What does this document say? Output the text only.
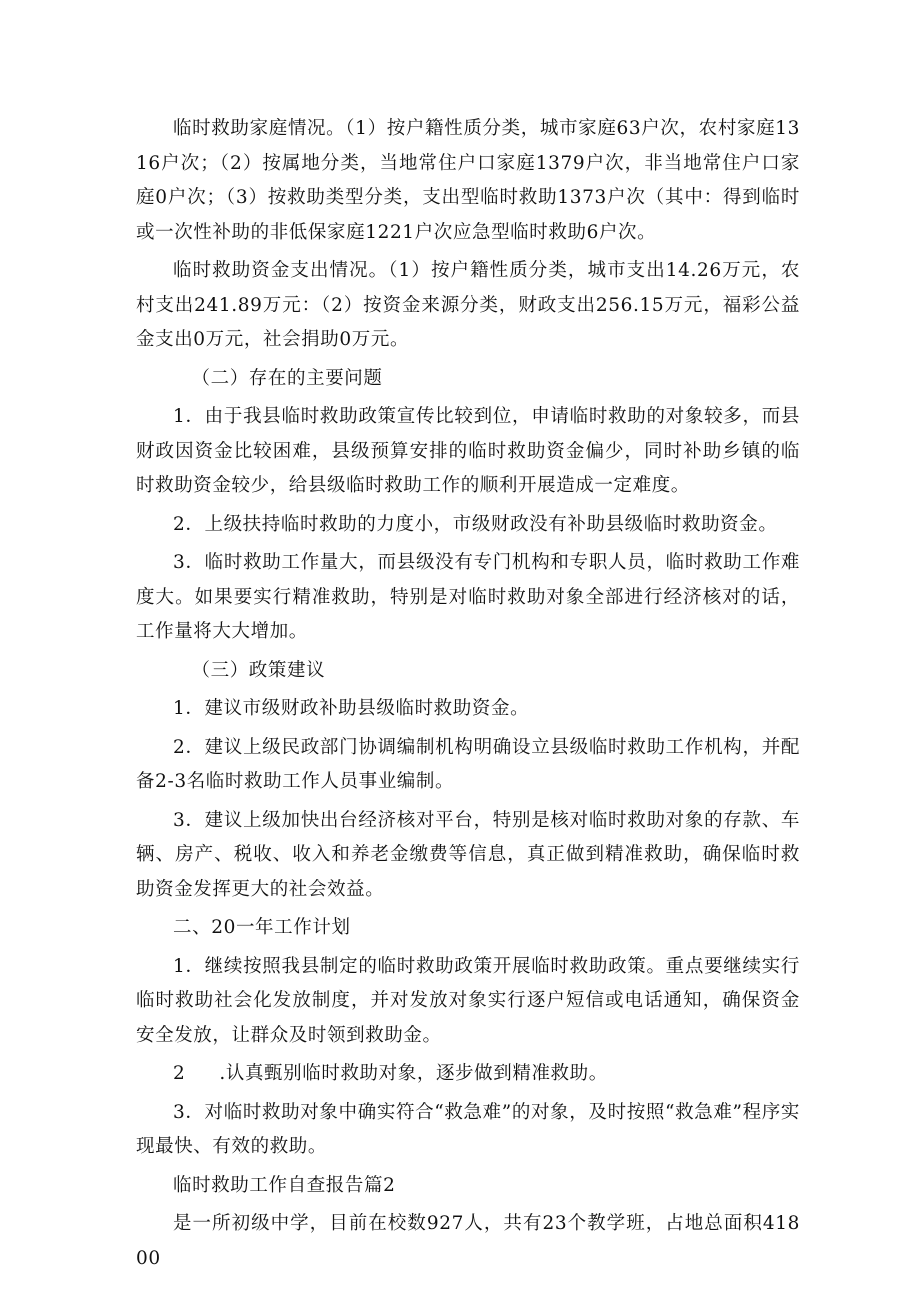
临时救助家庭情况。（1）按户籍性质分类，城市家庭63户次，农村家庭1316户次；（2）按属地分类，当地常住户口家庭1379户次，非当地常住户口家庭0户次；（3）按救助类型分类，支出型临时救助1373户次（其中：得到临时或一次性补助的非低保家庭1221户次应急型临时救助6户次。

临时救助资金支出情况。（1）按户籍性质分类，城市支出14.26万元，农村支出241.89万元：（2）按资金来源分类，财政支出256.15万元，福彩公益金支出0万元，社会捐助0万元。

（二）存在的主要问题

1．由于我县临时救助政策宣传比较到位，申请临时救助的对象较多，而县财政因资金比较困难，县级预算安排的临时救助资金偏少，同时补助乡镇的临时救助资金较少，给县级临时救助工作的顺利开展造成一定难度。

2．上级扶持临时救助的力度小，市级财政没有补助县级临时救助资金。

3．临时救助工作量大，而县级没有专门机构和专职人员，临时救助工作难度大。如果要实行精准救助，特别是对临时救助对象全部进行经济核对的话，工作量将大大增加。

（三）政策建议

1．建议市级财政补助县级临时救助资金。

2．建议上级民政部门协调编制机构明确设立县级临时救助工作机构，并配备2-3名临时救助工作人员事业编制。

3．建议上级加快出台经济核对平台，特别是核对临时救助对象的存款、车辆、房产、税收、收入和养老金缴费等信息，真正做到精准救助，确保临时救助资金发挥更大的社会效益。

二、20一年工作计划

1．继续按照我县制定的临时救助政策开展临时救助政策。重点要继续实行临时救助社会化发放制度，并对发放对象实行逐户短信或电话通知，确保资金安全发放，让群众及时领到救助金。

2 .认真甄别临时救助对象，逐步做到精准救助。

3．对临时救助对象中确实符合“救急难”的对象，及时按照“救急难”程序实现最快、有效的救助。

临时救助工作自查报告篇2

是一所初级中学，目前在校数927人，共有23个教学班，占地总面积41800
